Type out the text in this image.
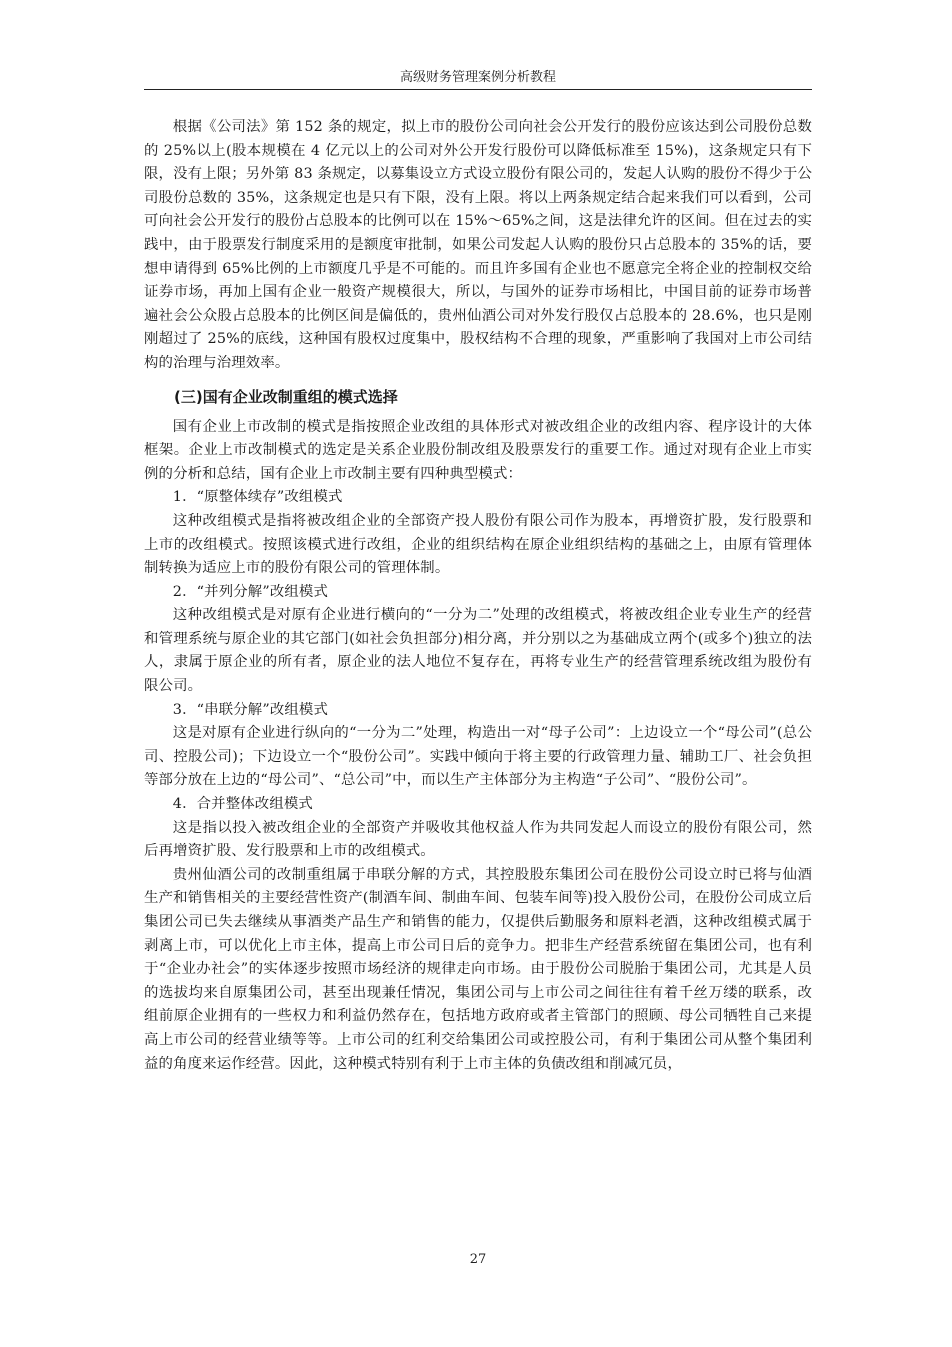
高级财务管理案例分析教程

根据《公司法》第 152 条的规定，拟上市的股份公司向社会公开发行的股份应该达到公司股份总数的 25%以上(股本规模在 4 亿元以上的公司对外公开发行股份可以降低标准至 15%)，这条规定只有下限，没有上限；另外第 83 条规定，以募集设立方式设立股份有限公司的，发起人认购的股份不得少于公司股份总数的 35%，这条规定也是只有下限，没有上限。将以上两条规定结合起来我们可以看到，公司可向社会公开发行的股份占总股本的比例可以在 15%～65%之间，这是法律允许的区间。但在过去的实践中，由于股票发行制度采用的是额度审批制，如果公司发起人认购的股份只占总股本的 35%的话，要想申请得到 65%比例的上市额度几乎是不可能的。而且许多国有企业也不愿意完全将企业的控制权交给证券市场，再加上国有企业一般资产规模很大，所以，与国外的证券市场相比，中国目前的证券市场普遍社会公众股占总股本的比例区间是偏低的，贵州仙酒公司对外发行股仅占总股本的 28.6%，也只是刚刚超过了 25%的底线，这种国有股权过度集中，股权结构不合理的现象，严重影响了我国对上市公司结构的治理与治理效率。

(三)国有企业改制重组的模式选择

国有企业上市改制的模式是指按照企业改组的具体形式对被改组企业的改组内容、程序设计的大体框架。企业上市改制模式的选定是关系企业股份制改组及股票发行的重要工作。通过对现有企业上市实例的分析和总结，国有企业上市改制主要有四种典型模式：

1．“原整体续存”改组模式

这种改组模式是指将被改组企业的全部资产投人股份有限公司作为股本，再增资扩股，发行股票和上市的改组模式。按照该模式进行改组，企业的组织结构在原企业组织结构的基础之上，由原有管理体制转换为适应上市的股份有限公司的管理体制。

2．“并列分解”改组模式

这种改组模式是对原有企业进行横向的“一分为二”处理的改组模式，将被改组企业专业生产的经营和管理系统与原企业的其它部门(如社会负担部分)相分离，并分别以之为基础成立两个(或多个)独立的法人，隶属于原企业的所有者，原企业的法人地位不复存在，再将专业生产的经营管理系统改组为股份有限公司。

3．“串联分解”改组模式

这是对原有企业进行纵向的“一分为二”处理，构造出一对“母子公司”：上边设立一个“母公司”(总公司、控股公司)；下边设立一个“股份公司”。实践中倾向于将主要的行政管理力量、辅助工厂、社会负担等部分放在上边的“母公司”、“总公司”中，而以生产主体部分为主构造“子公司”、“股份公司”。

4．合并整体改组模式

这是指以投入被改组企业的全部资产并吸收其他权益人作为共同发起人而设立的股份有限公司，然后再增资扩股、发行股票和上市的改组模式。

贵州仙酒公司的改制重组属于串联分解的方式，其控股股东集团公司在股份公司设立时已将与仙酒生产和销售相关的主要经营性资产(制酒车间、制曲车间、包装车间等)投入股份公司，在股份公司成立后集团公司已失去继续从事酒类产品生产和销售的能力，仅提供后勤服务和原料老酒，这种改组模式属于剥离上市，可以优化上市主体，提高上市公司日后的竞争力。把非生产经营系统留在集团公司，也有利于“企业办社会”的实体逐步按照市场经济的规律走向市场。由于股份公司脱胎于集团公司，尤其是人员的选拔均来自原集团公司，甚至出现兼任情况，集团公司与上市公司之间往往有着千丝万缕的联系，改组前原企业拥有的一些权力和利益仍然存在，包括地方政府或者主管部门的照顾、母公司牺牲自己来提高上市公司的经营业绩等等。上市公司的红利交给集团公司或控股公司，有利于集团公司从整个集团利益的角度来运作经营。因此，这种模式特别有利于上市主体的负债改组和削减冗员，

27
